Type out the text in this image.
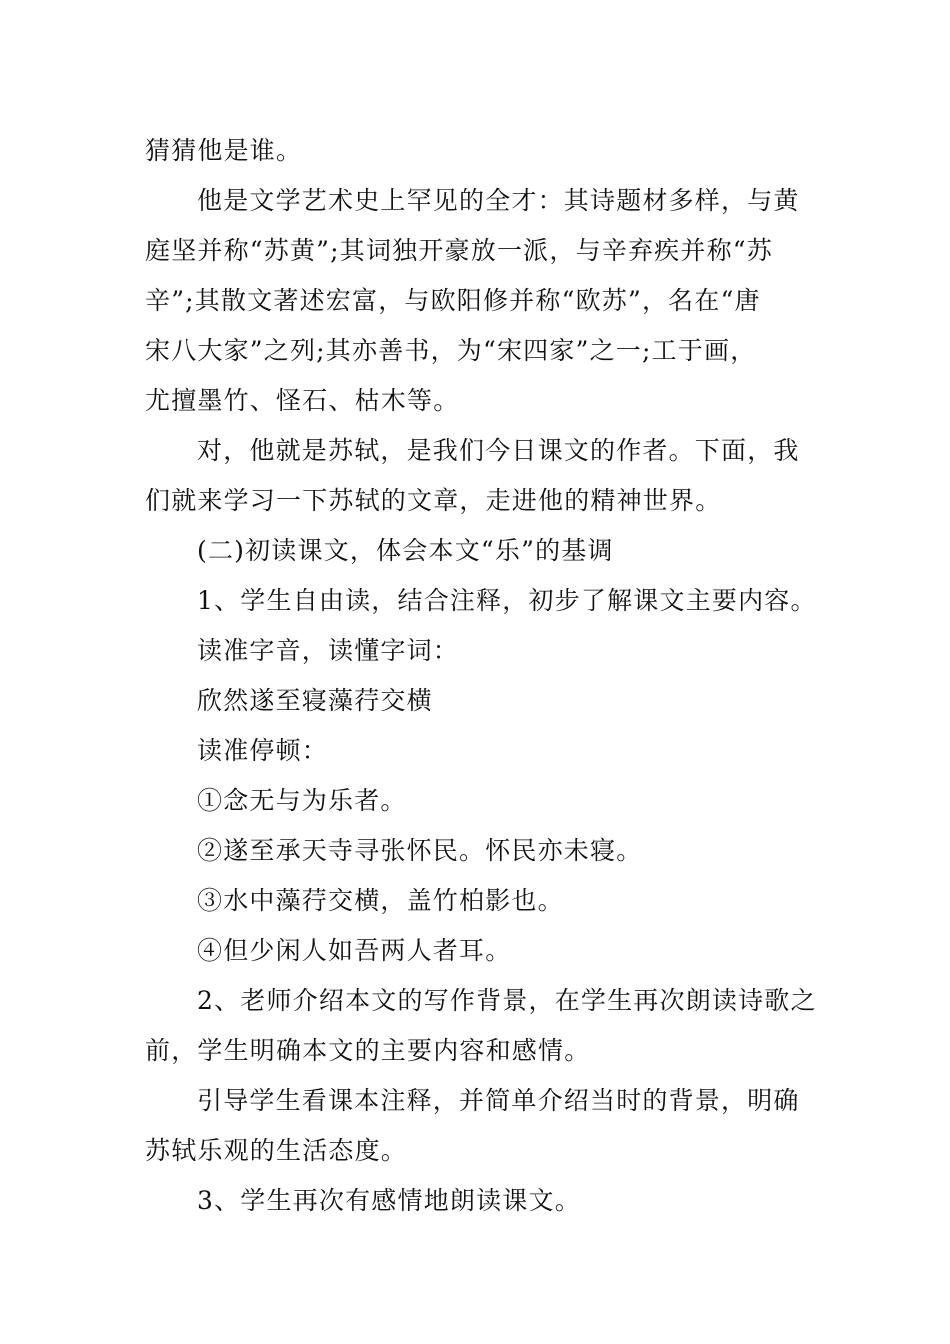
猜猜他是谁。
他是文学艺术史上罕见的全才：其诗题材多样，与黄
庭坚并称“苏黄”;其词独开豪放一派，与辛弃疾并称“苏
辛”;其散文著述宏富，与欧阳修并称“欧苏”，名在“唐
宋八大家”之列;其亦善书，为“宋四家”之一;工于画，
尤擅墨竹、怪石、枯木等。
对，他就是苏轼，是我们今日课文的作者。下面，我
们就来学习一下苏轼的文章，走进他的精神世界。
(二)初读课文，体会本文“乐”的基调
1、学生自由读，结合注释，初步了解课文主要内容。
读准字音，读懂字词：
欣然遂至寝藻荇交横
读准停顿：
①念无与为乐者。
②遂至承天寺寻张怀民。怀民亦未寝。
③水中藻荇交横，盖竹柏影也。
④但少闲人如吾两人者耳。
2、老师介绍本文的写作背景，在学生再次朗读诗歌之
前，学生明确本文的主要内容和感情。
引导学生看课本注释，并简单介绍当时的背景，明确
苏轼乐观的生活态度。
3、学生再次有感情地朗读课文。
